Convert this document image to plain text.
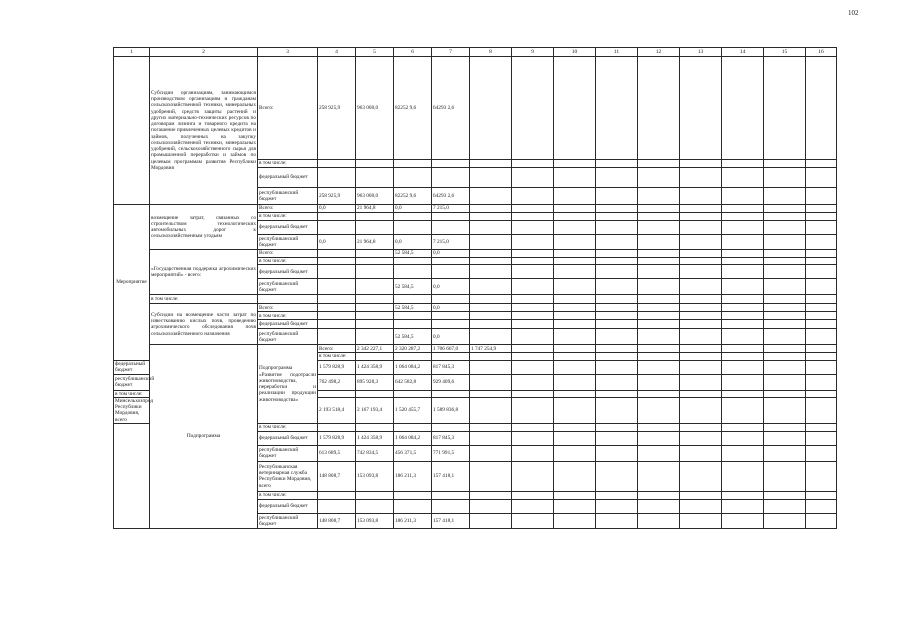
102
1	2	3	4	5	6	7	8	9	10	11	12	13	14	15	16	
	Субсидии организациям, занимающимся производством организациям и гражданам сельскохозяйственной техники, минеральных удобрений, средств защиты растений и других материально-технических ресурсов по договорам лизинга и товарного кредита на погашение привлеченных целевых кредитов и займов, полученных на закупку сельскохозяйственной техники, минеральных удобрений, сельскохозяйственного сырья для промышленной переработки и займов по целевым программам развития Республики Мордовия	Всего:	258 925,9	963 000,0	82252 9,6	64293 2,6										
		в том числе:														
		федеральный бюджет														
		республиканский бюджет	258 925,9	963 000,0	82252 9,6	64293 2,6										
Мероприятие	возмещение затрат, связанных со строительством технологических автомобильных дорог к сельскохозяйственным угодьям	Всего:	0,0	21 964,8	0,0	7 215,0										
		в том числе:														
		федеральный бюджет														
		республиканский бюджет	0,0	21 964,8	0,0	7 215,0										
	«Государственная поддержка агрохимических мероприятий» - всего:	Всего:			52 584,5	0,0										
		в том числе:														
		федеральный бюджет														
		республиканский бюджет			52 584,5	0,0										
	в том числе:															
	Субсидии на возмещение части затрат по известкованию кислых почв, проведению агрохимического обследования почв сельскохозяйственного назначения	Всего:			52 584,5	0,0										
		в том числе:														
		федеральный бюджет														
		республиканский бюджет			52 584,5	0,0										
	Подпрограмма	Подпрограмма «Развитие подотрасли животноводства, переработки и реализации продукции животноводства»	Всего:	2 342 227,1	2 320 287,2	1 706 667,0	1 747 254,9									
			в том числе:													
федеральный бюджет			1 579 828,9	1 424 358,9	1 064 084,2	817 845,3										
республиканский бюджет			762 498,2	895 928,3	642 582,8	929 409,6										
в том числе:																
Минсельхозпрод Республики Мордовия, всего			2 193 518,4	2 167 193,4	1 520 455,7	1 589 836,8										
		в том числе:														
		федеральный бюджет	1 579 828,9	1 424 358,9	1 064 084,2	817 845,3										
		республиканский бюджет	613 689,5	742 834,5	456 371,5	771 991,5										
		Республиканская ветеринарная служба Республики Мордовия, всего	148 808,7	153 093,8	186 211,3	157 418,1										
		в том числе:														
		федеральный бюджет														
		республиканский бюджет	148 808,7	153 093,8	186 211,3	157 418,1										
